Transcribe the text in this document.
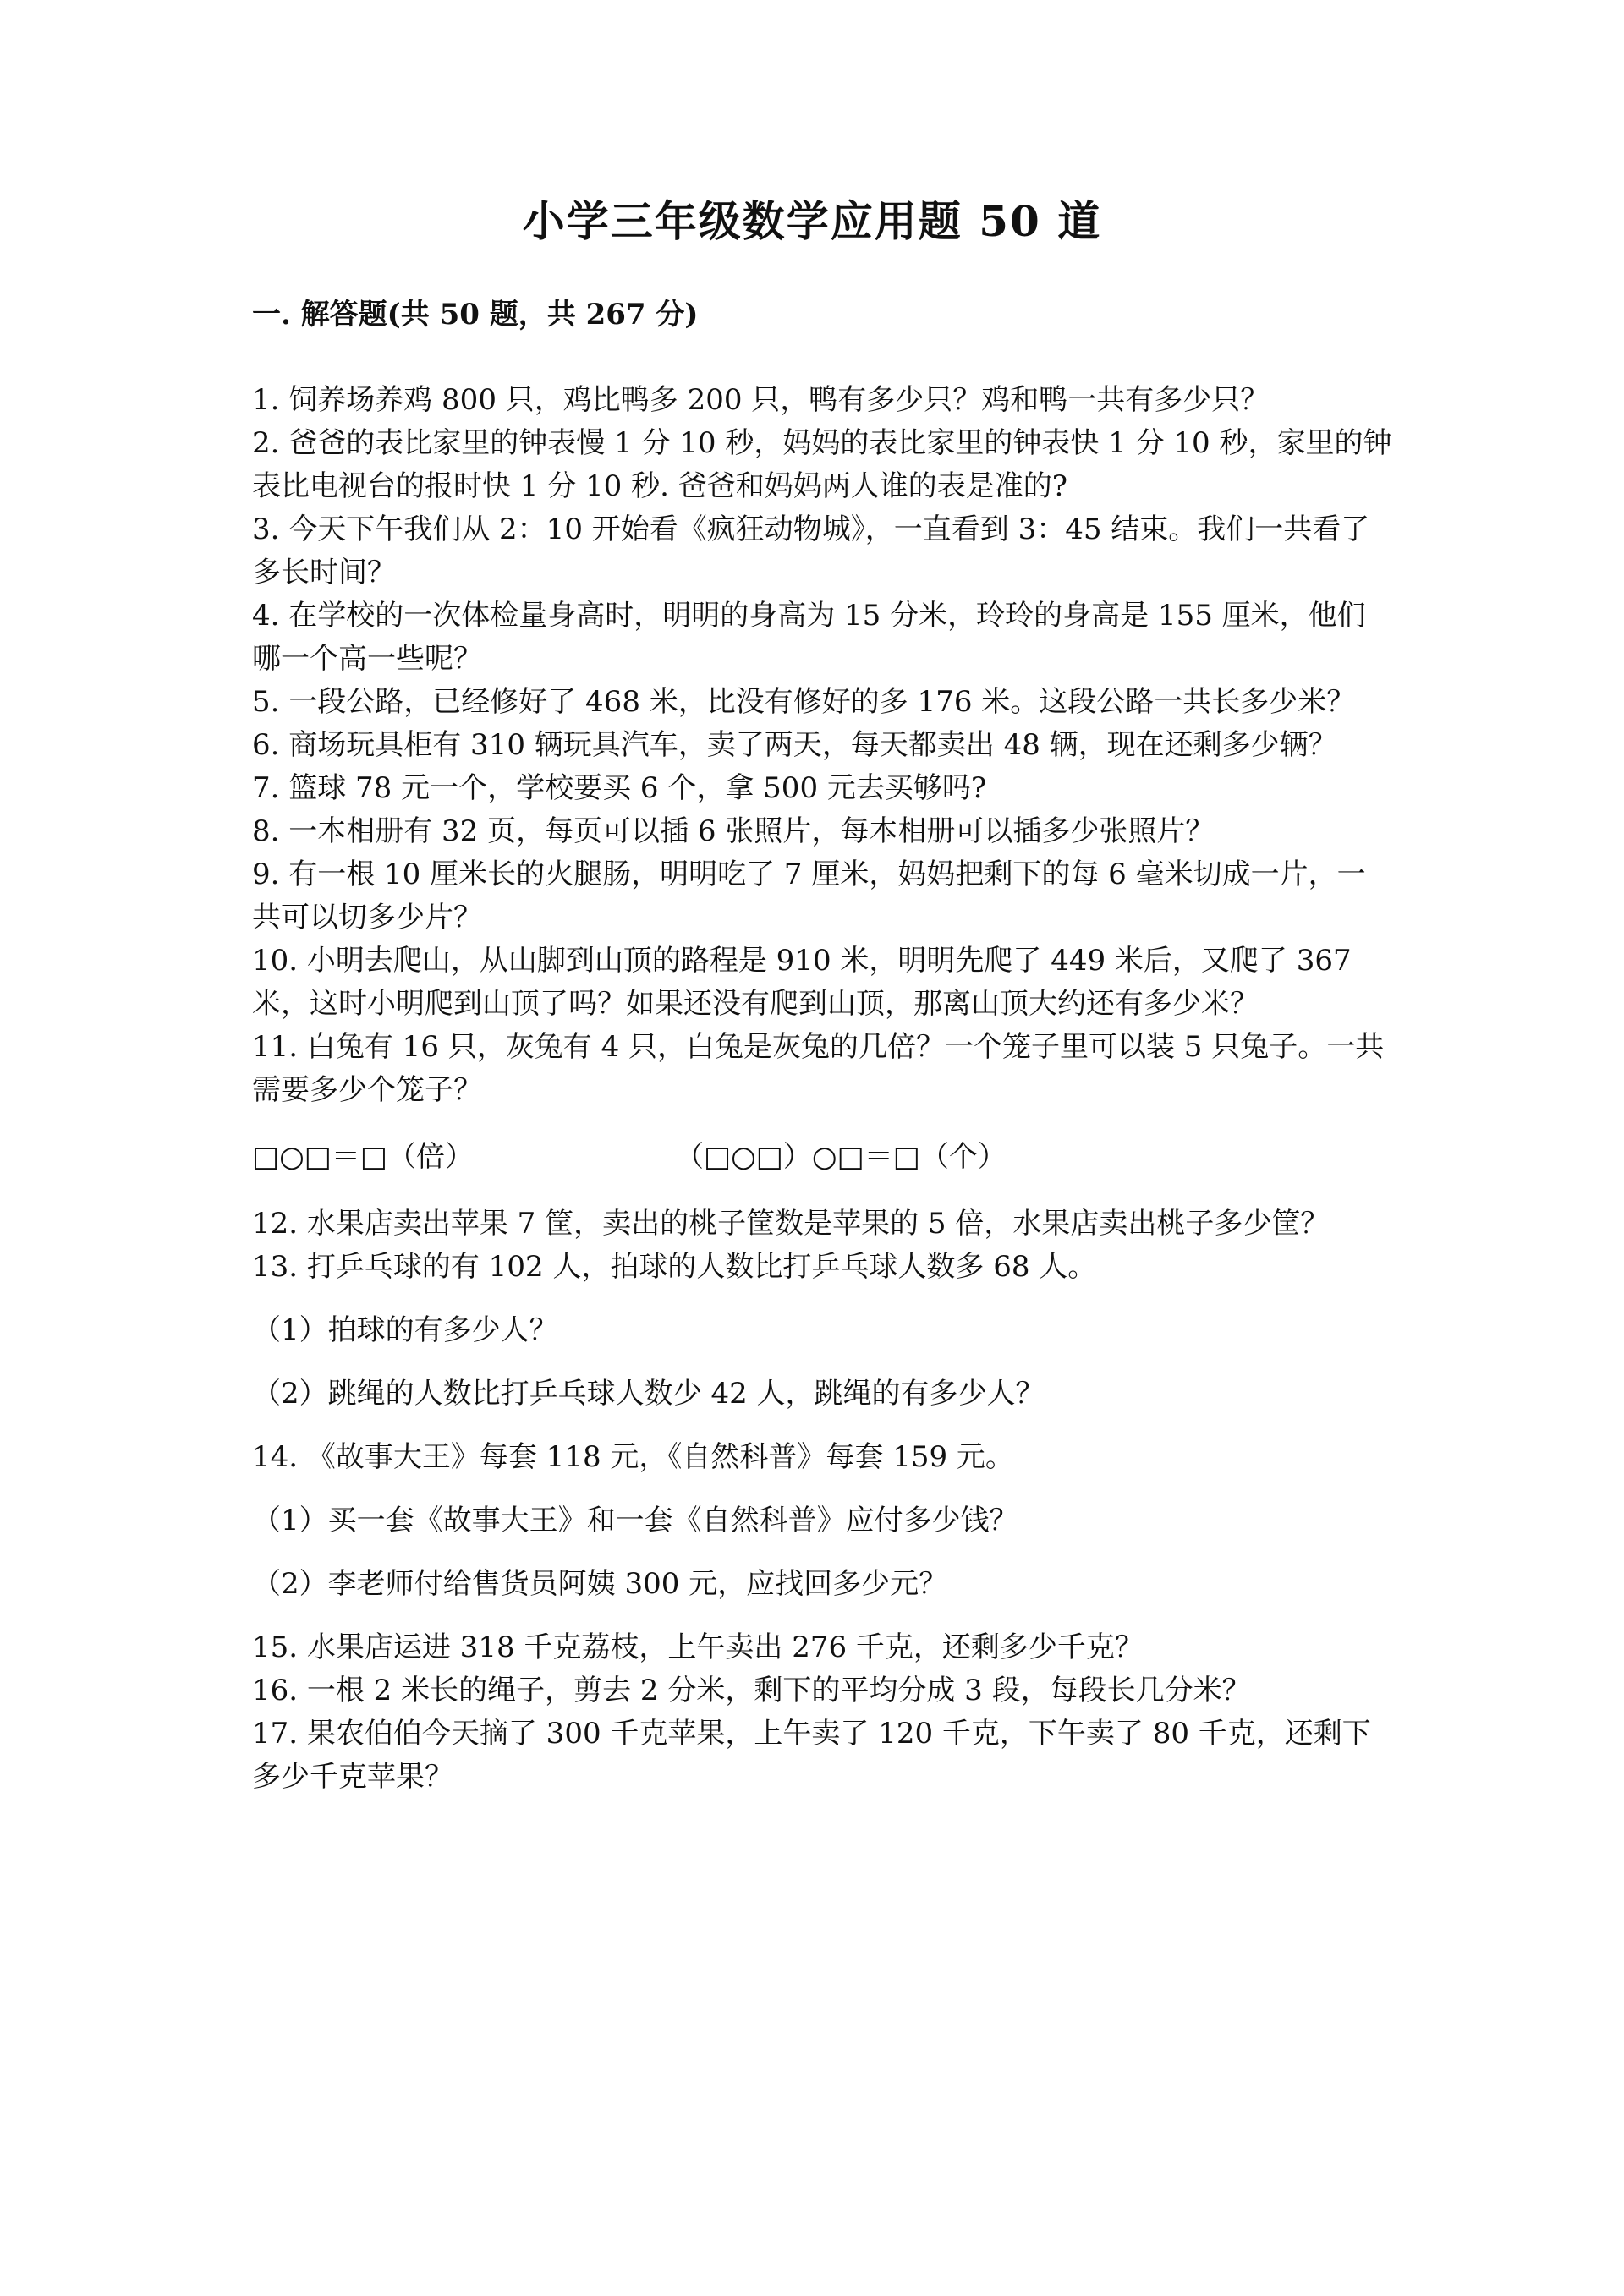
小学三年级数学应用题 50 道
一. 解答题(共 50 题，共 267 分)

1. 饲养场养鸡 800 只，鸡比鸭多 200 只，鸭有多少只？鸡和鸭一共有多少只？

2. 爸爸的表比家里的钟表慢 1 分 10 秒，妈妈的表比家里的钟表快 1 分 10 秒，家里的钟表比电视台的报时快 1 分 10 秒. 爸爸和妈妈两人谁的表是准的?

3. 今天下午我们从 2：10 开始看《疯狂动物城》，一直看到 3：45 结束。我们一共看了多长时间？

4. 在学校的一次体检量身高时，明明的身高为 15 分米，玲玲的身高是 155 厘米，他们哪一个高一些呢？

5. 一段公路，已经修好了 468 米，比没有修好的多 176 米。这段公路一共长多少米？

6. 商场玩具柜有 310 辆玩具汽车，卖了两天，每天都卖出 48 辆，现在还剩多少辆？

7. 篮球 78 元一个，学校要买 6 个，拿 500 元去买够吗?

8. 一本相册有 32 页，每页可以插 6 张照片，每本相册可以插多少张照片？

9. 有一根 10 厘米长的火腿肠，明明吃了 7 厘米，妈妈把剩下的每 6 毫米切成一片，一共可以切多少片？

10. 小明去爬山，从山脚到山顶的路程是 910 米，明明先爬了 449 米后，又爬了 367 米，这时小明爬到山顶了吗？如果还没有爬到山顶，那离山顶大约还有多少米？

11. 白兔有 16 只，灰兔有 4 只，白兔是灰兔的几倍？一个笼子里可以装 5 只兔子。一共需要多少个笼子？

□○□＝□（倍）	（□○□）○□＝□（个）

12. 水果店卖出苹果 7 筐，卖出的桃子筐数是苹果的 5 倍，水果店卖出桃子多少筐？

13. 打乒乓球的有 102 人，拍球的人数比打乒乓球人数多 68 人。

（1）拍球的有多少人？

（2）跳绳的人数比打乒乓球人数少 42 人，跳绳的有多少人？

14. 《故事大王》每套 118 元，《自然科普》每套 159 元。

（1）买一套《故事大王》和一套《自然科普》应付多少钱？

（2）李老师付给售货员阿姨 300 元，应找回多少元？

15. 水果店运进 318 千克荔枝，上午卖出 276 千克，还剩多少千克？

16. 一根 2 米长的绳子，剪去 2 分米，剩下的平均分成 3 段，每段长几分米？

17. 果农伯伯今天摘了 300 千克苹果，上午卖了 120 千克，下午卖了 80 千克，还剩下多少千克苹果？
